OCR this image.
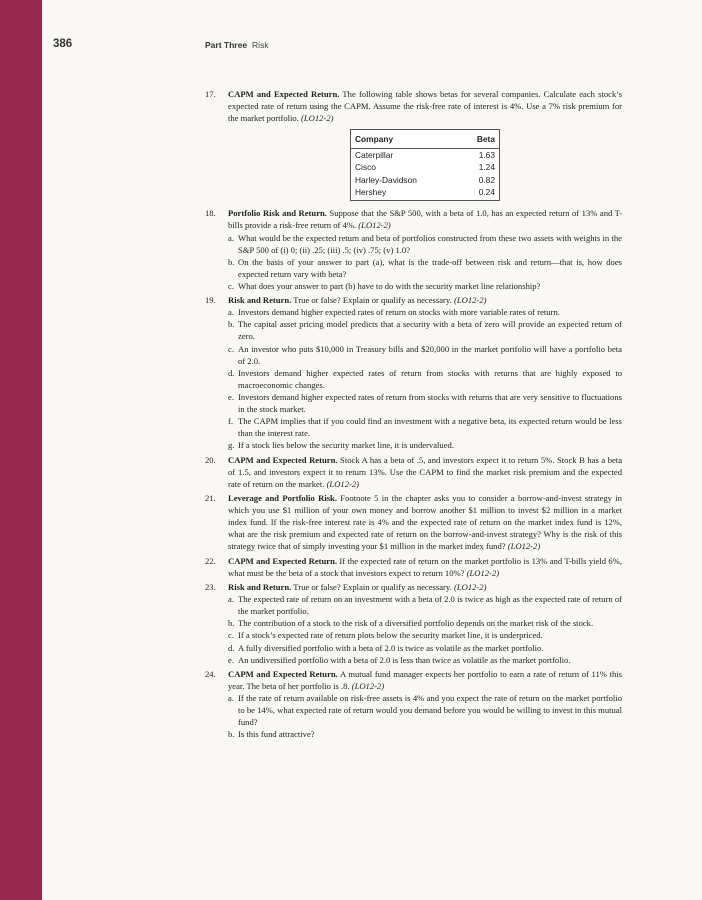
386	Part Three Risk
17. CAPM and Expected Return. The following table shows betas for several companies. Calculate each stock’s expected rate of return using the CAPM. Assume the risk-free rate of interest is 4%. Use a 7% risk premium for the market portfolio. (LO12-2)
Company	Beta
Caterpillar	1.63
Cisco	1.24
Harley-Davidson	0.82
Hershey	0.24
18. Portfolio Risk and Return. Suppose that the S&P 500, with a beta of 1.0, has an expected return of 13% and T-bills provide a risk-free return of 4%. (LO12-2)
a. What would be the expected return and beta of portfolios constructed from these two assets with weights in the S&P 500 of (i) 0; (ii) .25; (iii) .5; (iv) .75; (v) 1.0?
b. On the basis of your answer to part (a), what is the trade-off between risk and return—that is, how does expected return vary with beta?
c. What does your answer to part (b) have to do with the security market line relationship?
19. Risk and Return. True or false? Explain or qualify as necessary. (LO12-2)
a. Investors demand higher expected rates of return on stocks with more variable rates of return.
b. The capital asset pricing model predicts that a security with a beta of zero will provide an expected return of zero.
c. An investor who puts $10,000 in Treasury bills and $20,000 in the market portfolio will have a portfolio beta of 2.0.
d. Investors demand higher expected rates of return from stocks with returns that are highly exposed to macroeconomic changes.
e. Investors demand higher expected rates of return from stocks with returns that are very sensitive to fluctuations in the stock market.
f. The CAPM implies that if you could find an investment with a negative beta, its expected return would be less than the interest rate.
g. If a stock lies below the security market line, it is undervalued.
20. CAPM and Expected Return. Stock A has a beta of .5, and investors expect it to return 5%. Stock B has a beta of 1.5, and investors expect it to return 13%. Use the CAPM to find the market risk premium and the expected rate of return on the market. (LO12-2)
21. Leverage and Portfolio Risk. Footnote 5 in the chapter asks you to consider a borrow-and-invest strategy in which you use $1 million of your own money and borrow another $1 million to invest $2 million in a market index fund. If the risk-free interest rate is 4% and the expected rate of return on the market index fund is 12%, what are the risk premium and expected rate of return on the borrow-and-invest strategy? Why is the risk of this strategy twice that of simply investing your $1 million in the market index fund? (LO12-2)
22. CAPM and Expected Return. If the expected rate of return on the market portfolio is 13% and T-bills yield 6%, what must be the beta of a stock that investors expect to return 10%? (LO12-2)
23. Risk and Return. True or false? Explain or qualify as necessary. (LO12-2)
a. The expected rate of return on an investment with a beta of 2.0 is twice as high as the expected rate of return of the market portfolio.
b. The contribution of a stock to the risk of a diversified portfolio depends on the market risk of the stock.
c. If a stock’s expected rate of return plots below the security market line, it is underpriced.
d. A fully diversified portfolio with a beta of 2.0 is twice as volatile as the market portfolio.
e. An undiversified portfolio with a beta of 2.0 is less than twice as volatile as the market portfolio.
24. CAPM and Expected Return. A mutual fund manager expects her portfolio to earn a rate of return of 11% this year. The beta of her portfolio is .8. (LO12-2)
a. If the rate of return available on risk-free assets is 4% and you expect the rate of return on the market portfolio to be 14%, what expected rate of return would you demand before you would be willing to invest in this mutual fund?
b. Is this fund attractive?
